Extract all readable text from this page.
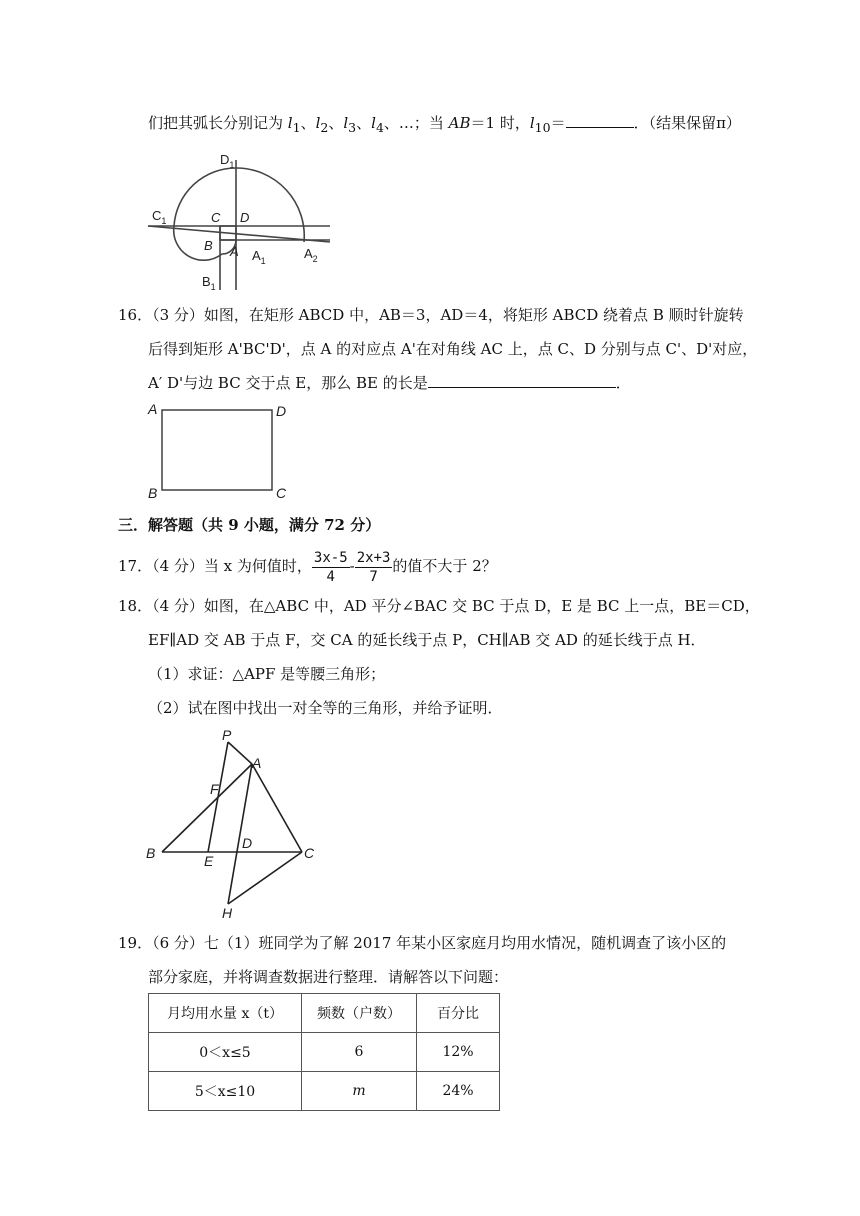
们把其弧长分别记为 $l_1$、$l_2$、$l_3$、$l_4$、…；当 AB＝1 时，$l_{10}=$	．（结果保留π）
$D_1$
$C_1$	C D
B A $A_1$	$A_2$
$B_1$
16．（3 分）如图，在矩形 ABCD 中，AB＝3，AD＝4，将矩形 ABCD 绕着点 B 顺时针旋转
后得到矩形 A'BC'D'，点 A 的对应点 A'在对角线 AC 上，点 C、D 分别与点 C'、D'对应，
A′ D'与边 BC 交于点 E，那么 BE 的长是	．
A	D
B	C
三．解答题（共 9 小题，满分 72 分）
17．（4 分）当 x 为何值时， $\frac{3x-5}{4} - \frac{2x+3}{7}$ 的值不大于 2？
18．（4 分）如图，在△ABC 中，AD 平分∠BAC 交 BC 于点 D，E 是 BC 上一点，BE＝CD，
EF∥AD 交 AB 于点 F，交 CA 的延长线于点 P，CH∥AB 交 AD 的延长线于点 H．
（1）求证：△APF 是等腰三角形；
（2）试在图中找出一对全等的三角形，并给予证明．
P
A
F
D
B	E	C
H
19．（6 分）七（1）班同学为了解 2017 年某小区家庭月均用水情况，随机调查了该小区的
部分家庭，并将调查数据进行整理．请解答以下问题：
月均用水量 x（t）	频数（户数）	百分比
0＜x≤5	6	12%
5＜x≤10	m	24%
